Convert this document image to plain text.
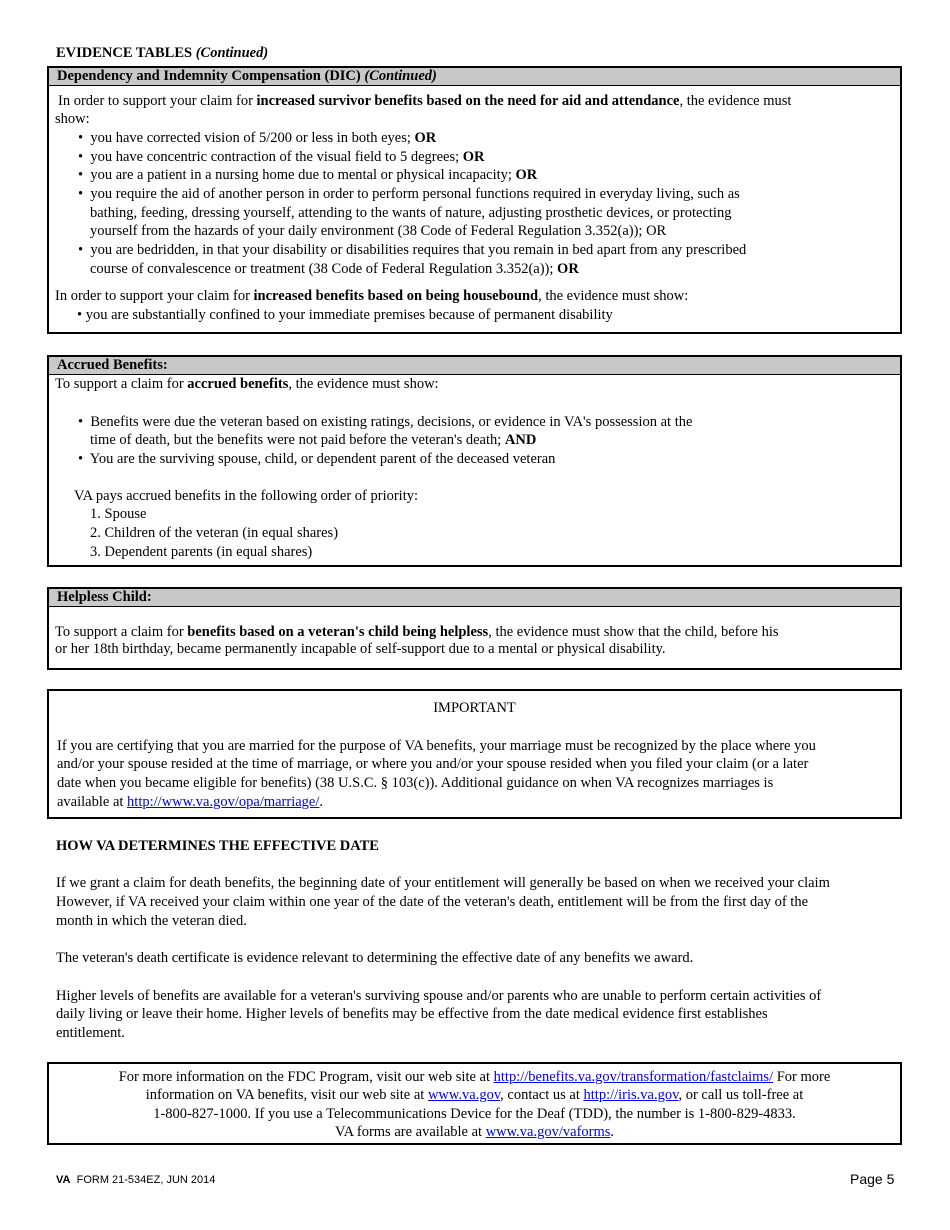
EVIDENCE TABLES (Continued)
Dependency and Indemnity Compensation (DIC) (Continued)
In order to support your claim for increased survivor benefits based on the need for aid and attendance, the evidence must
show:
•  you have corrected vision of 5/200 or less in both eyes; OR
•  you have concentric contraction of the visual field to 5 degrees; OR
•  you are a patient in a nursing home due to mental or physical incapacity; OR
•  you require the aid of another person in order to perform personal functions required in everyday living, such as
bathing, feeding, dressing yourself, attending to the wants of nature, adjusting prosthetic devices, or protecting
yourself from the hazards of your daily environment (38 Code of Federal Regulation 3.352(a)); OR
•  you are bedridden, in that your disability or disabilities requires that you remain in bed apart from any prescribed
course of convalescence or treatment (38 Code of Federal Regulation 3.352(a)); OR
In order to support your claim for increased benefits based on being housebound, the evidence must show:
• you are substantially confined to your immediate premises because of permanent disability
Accrued Benefits:
To support a claim for accrued benefits, the evidence must show:
•  Benefits were due the veteran based on existing ratings, decisions, or evidence in VA's possession at the
time of death, but the benefits were not paid before the veteran's death; AND
•  You are the surviving spouse, child, or dependent parent of the deceased veteran
VA pays accrued benefits in the following order of priority:
1. Spouse
2. Children of the veteran (in equal shares)
3. Dependent parents (in equal shares)
Helpless Child:
To support a claim for benefits based on a veteran's child being helpless, the evidence must show that the child, before his
or her 18th birthday, became permanently incapable of self-support due to a mental or physical disability.
IMPORTANT
If you are certifying that you are married for the purpose of VA benefits, your marriage must be recognized by the place where you
and/or your spouse resided at the time of marriage, or where you and/or your spouse resided when you filed your claim (or a later
date when you became eligible for benefits) (38 U.S.C. § 103(c)). Additional guidance on when VA recognizes marriages is
available at http://www.va.gov/opa/marriage/.
HOW VA DETERMINES THE EFFECTIVE DATE
If we grant a claim for death benefits, the beginning date of your entitlement will generally be based on when we received your claim
However, if VA received your claim within one year of the date of the veteran's death, entitlement will be from the first day of the
month in which the veteran died.
The veteran's death certificate is evidence relevant to determining the effective date of any benefits we award.
Higher levels of benefits are available for a veteran's surviving spouse and/or parents who are unable to perform certain activities of
daily living or leave their home. Higher levels of benefits may be effective from the date medical evidence first establishes
entitlement.
For more information on the FDC Program, visit our web site at http://benefits.va.gov/transformation/fastclaims/ For more
information on VA benefits, visit our web site at www.va.gov, contact us at http://iris.va.gov, or call us toll-free at
1-800-827-1000. If you use a Telecommunications Device for the Deaf (TDD), the number is 1-800-829-4833.
VA forms are available at www.va.gov/vaforms.
VA FORM 21-534EZ, JUN 2014	Page 5
